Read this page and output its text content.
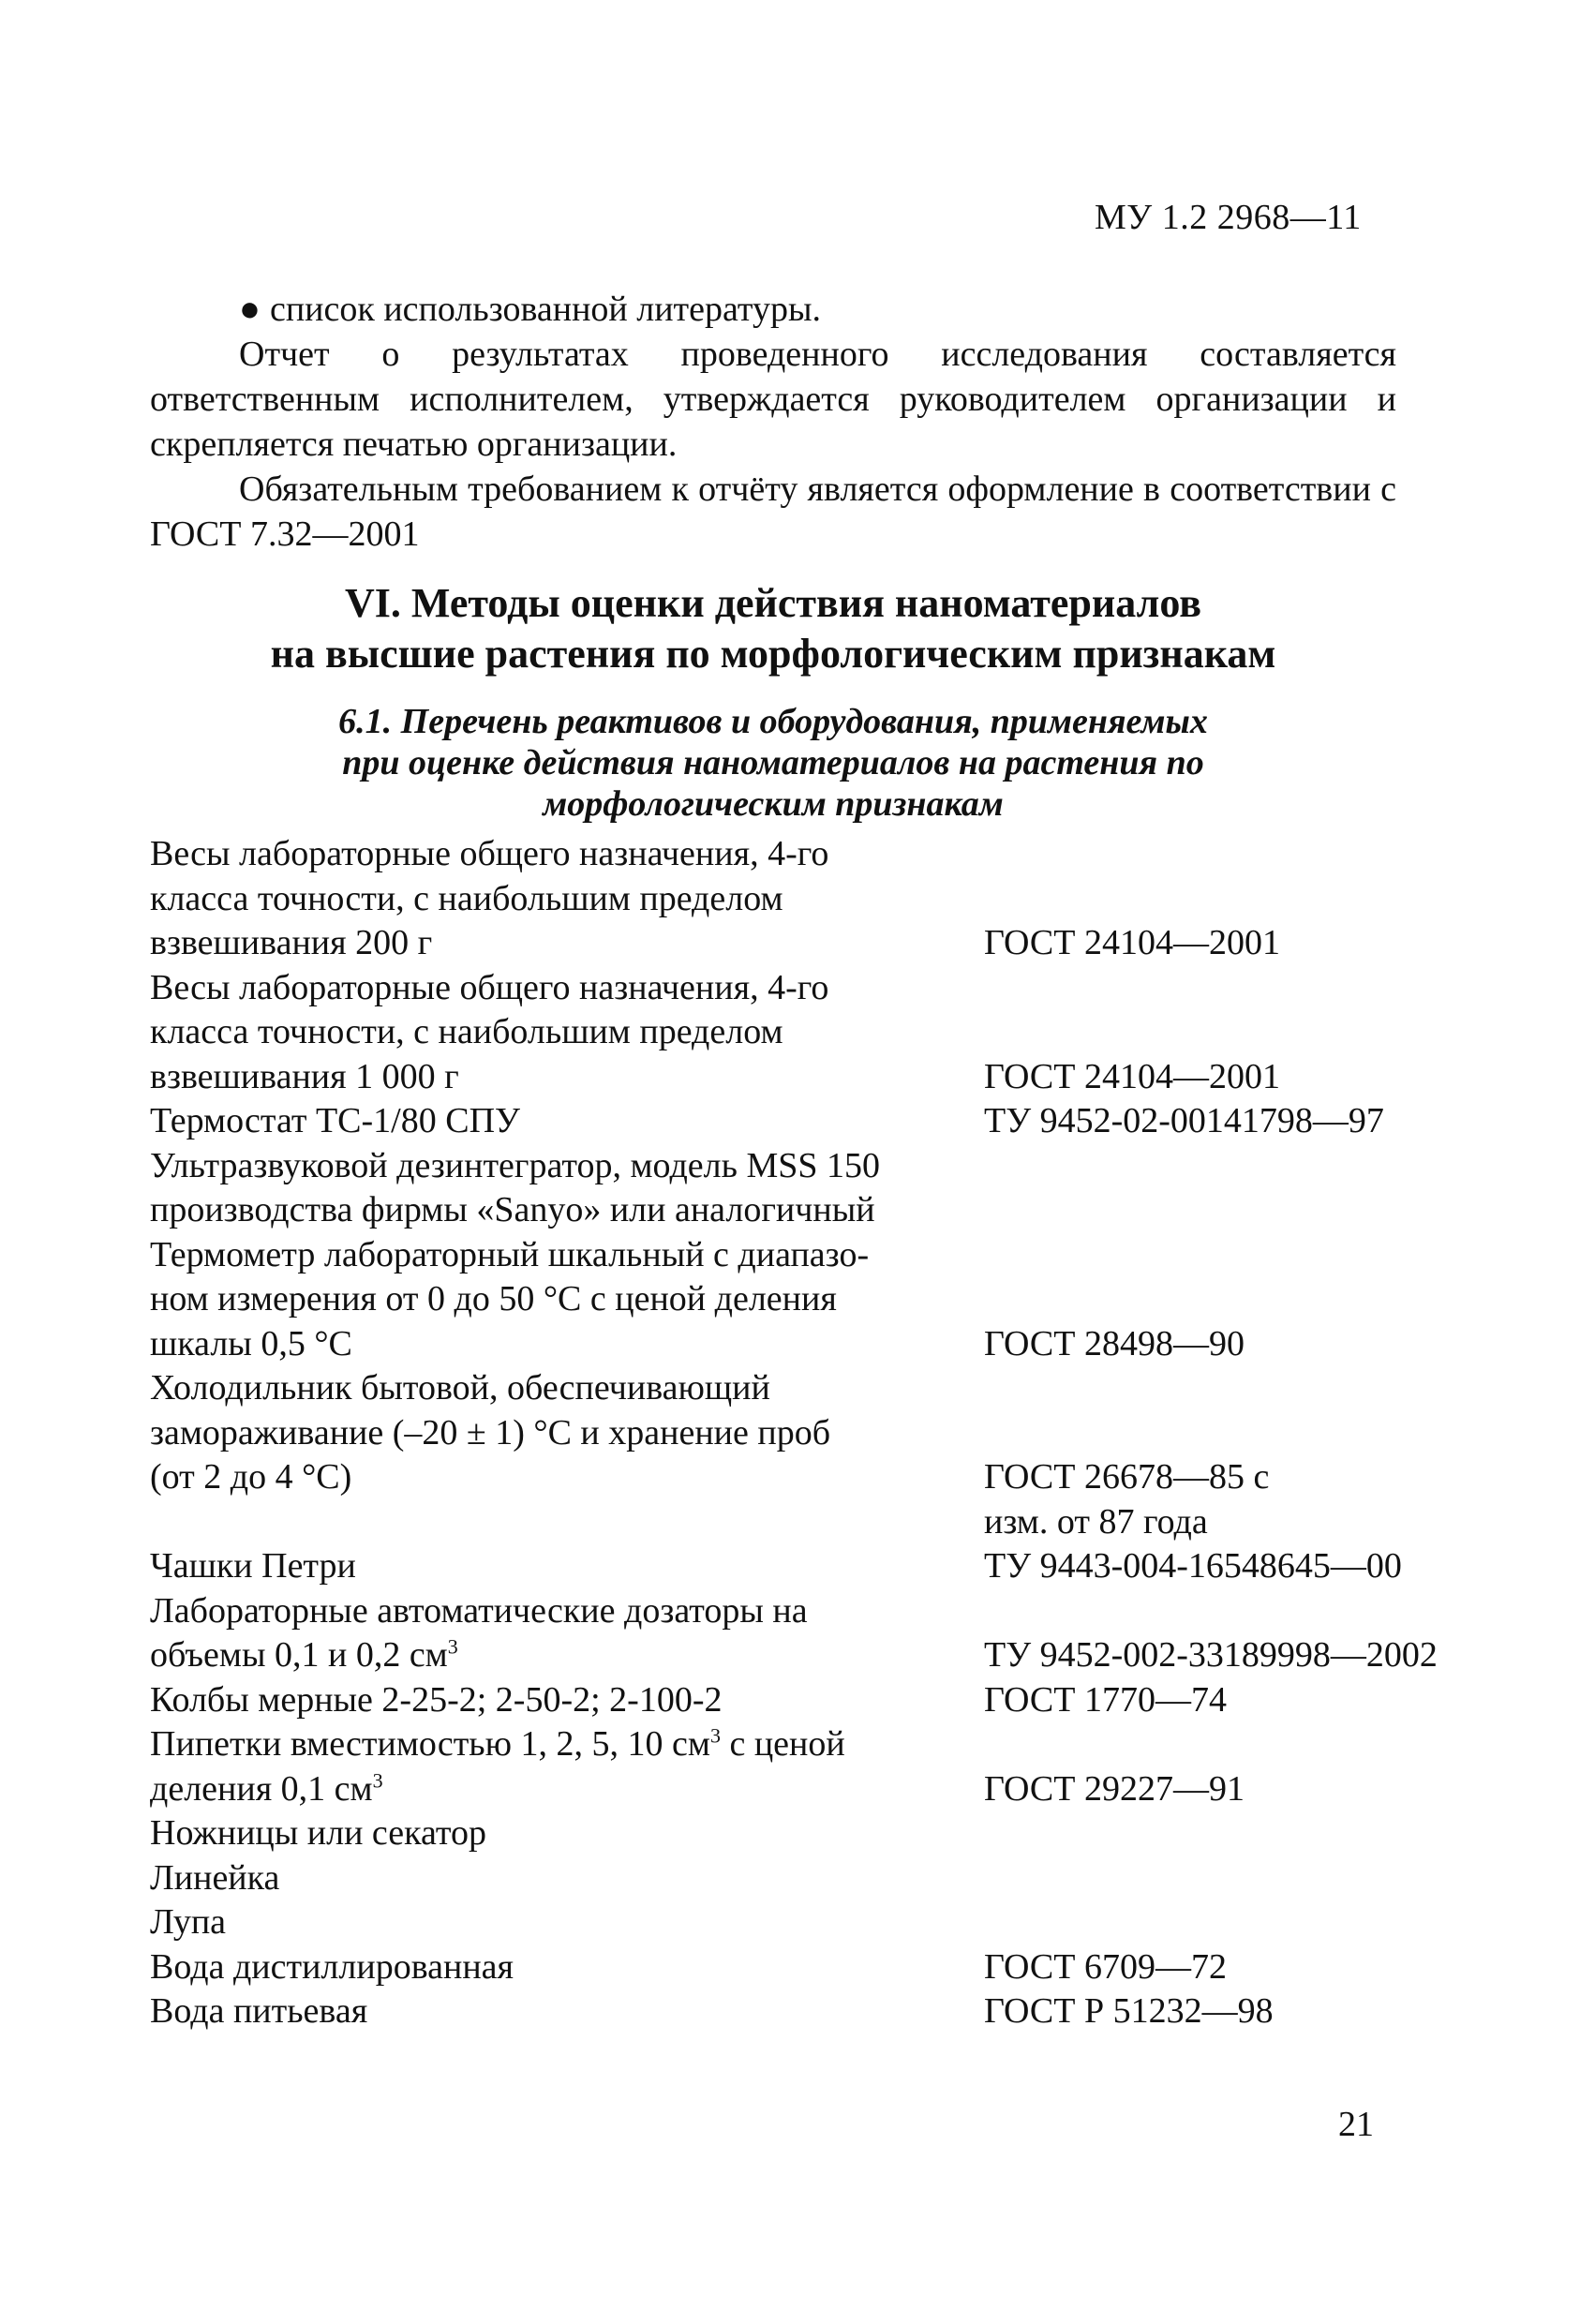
МУ 1.2 2968—11

● список использованной литературы.

Отчет о результатах проведенного исследования составляется ответственным исполнителем, утверждается руководителем организации и скрепляется печатью организации.

Обязательным требованием к отчёту является оформление в соответствии с ГОСТ 7.32—2001

VI. Методы оценки действия наноматериалов
на высшие растения по морфологическим признакам
6.1. Перечень реактивов и оборудования, применяемых
при оценке действия наноматериалов на растения по
морфологическим признакам
Весы лабораторные общего назначения, 4-го
класса точности, с наибольшим пределом
взвешивания 200 г	ГОСТ 24104—2001
Весы лабораторные общего назначения, 4-го
класса точности, с наибольшим пределом
взвешивания 1 000 г	ГОСТ 24104—2001
Термостат ТС-1/80 СПУ	ТУ 9452-02-00141798—97
Ультразвуковой дезинтегратор, модель MSS 150
производства фирмы «Sanyo» или аналогичный
Термометр лабораторный шкальный с диапазо-
ном измерения от 0 до 50 °С с ценой деления
шкалы 0,5 °С	ГОСТ 28498—90
Холодильник бытовой, обеспечивающий
замораживание (–20 ± 1) °С и хранение проб
(от 2 до 4 °С)
	ГОСТ 26678—85 с
изм. от 87 года
Чашки Петри	ТУ 9443-004-16548645—00
Лабораторные автоматические дозаторы на
объемы 0,1 и 0,2 $см^3$	ТУ 9452-002-33189998—2002
Колбы мерные 2-25-2; 2-50-2; 2-100-2	ГОСТ 1770—74
Пипетки вместимостью 1, 2, 5, 10 $см^3$ с ценой
деления 0,1 $см^3$	ГОСТ 29227—91
Ножницы или секатор
Линейка
Лупа
Вода дистиллированная	ГОСТ 6709—72
Вода питьевая	ГОСТ Р 51232—98
21
